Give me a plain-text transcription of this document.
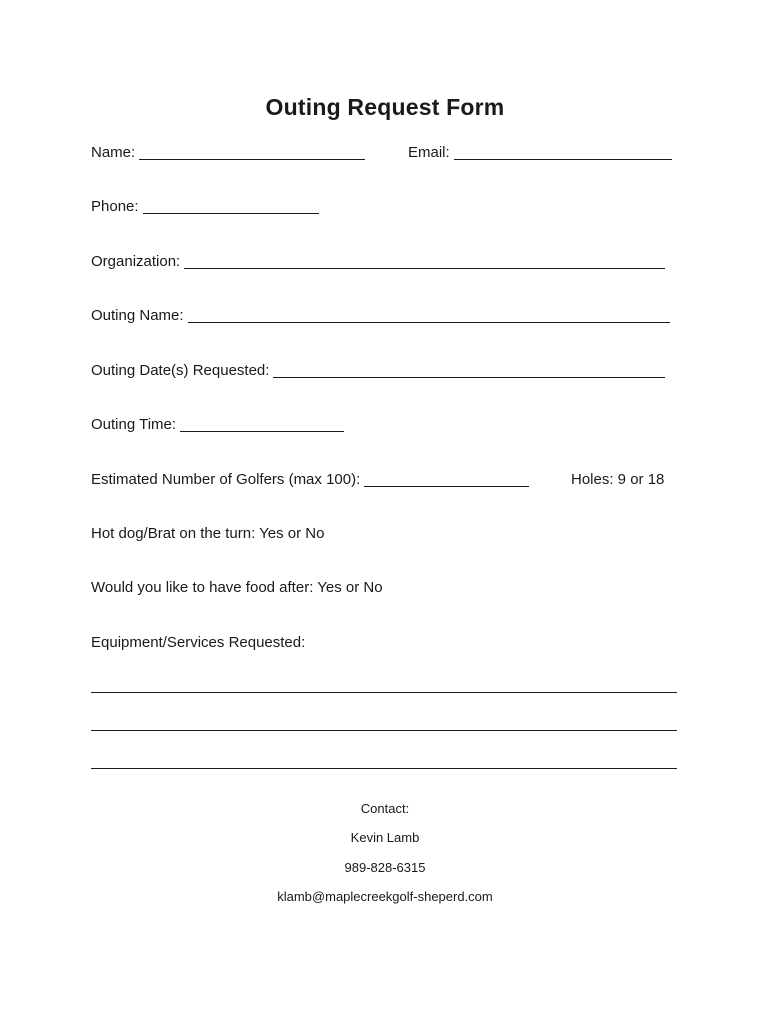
Outing Request Form
Name:	Email:
Phone:
Organization:
Outing Name:
Outing Date(s) Requested:
Outing Time:
Estimated Number of Golfers (max 100):	Holes: 9 or 18
Hot dog/Brat on the turn: Yes or No
Would you like to have food after: Yes or No
Equipment/Services Requested:
Contact:
Kevin Lamb
989-828-6315
klamb@maplecreekgolf-sheperd.com
